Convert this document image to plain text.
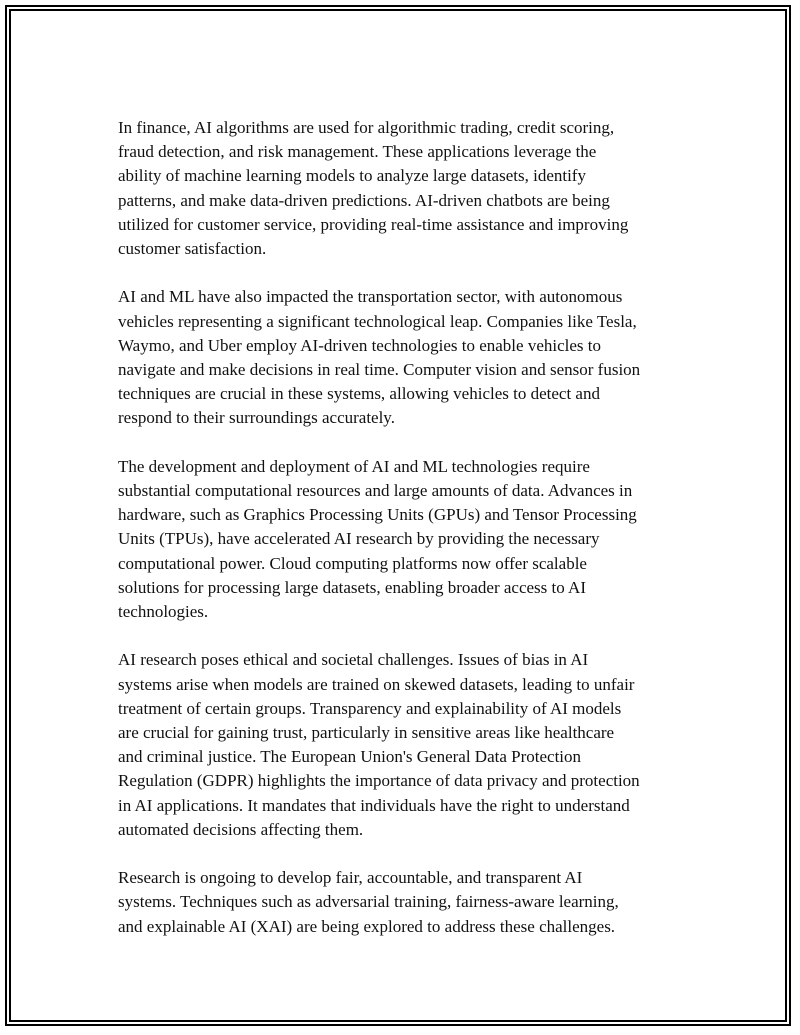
In finance, AI algorithms are used for algorithmic trading, credit scoring,
fraud detection, and risk management. These applications leverage the
ability of machine learning models to analyze large datasets, identify
patterns, and make data-driven predictions. AI-driven chatbots are being
utilized for customer service, providing real-time assistance and improving
customer satisfaction.

AI and ML have also impacted the transportation sector, with autonomous
vehicles representing a significant technological leap. Companies like Tesla,
Waymo, and Uber employ AI-driven technologies to enable vehicles to
navigate and make decisions in real time. Computer vision and sensor fusion
techniques are crucial in these systems, allowing vehicles to detect and
respond to their surroundings accurately.

The development and deployment of AI and ML technologies require
substantial computational resources and large amounts of data. Advances in
hardware, such as Graphics Processing Units (GPUs) and Tensor Processing
Units (TPUs), have accelerated AI research by providing the necessary
computational power. Cloud computing platforms now offer scalable
solutions for processing large datasets, enabling broader access to AI
technologies.

AI research poses ethical and societal challenges. Issues of bias in AI
systems arise when models are trained on skewed datasets, leading to unfair
treatment of certain groups. Transparency and explainability of AI models
are crucial for gaining trust, particularly in sensitive areas like healthcare
and criminal justice. The European Union's General Data Protection
Regulation (GDPR) highlights the importance of data privacy and protection
in AI applications. It mandates that individuals have the right to understand
automated decisions affecting them.

Research is ongoing to develop fair, accountable, and transparent AI
systems. Techniques such as adversarial training, fairness-aware learning,
and explainable AI (XAI) are being explored to address these challenges.
